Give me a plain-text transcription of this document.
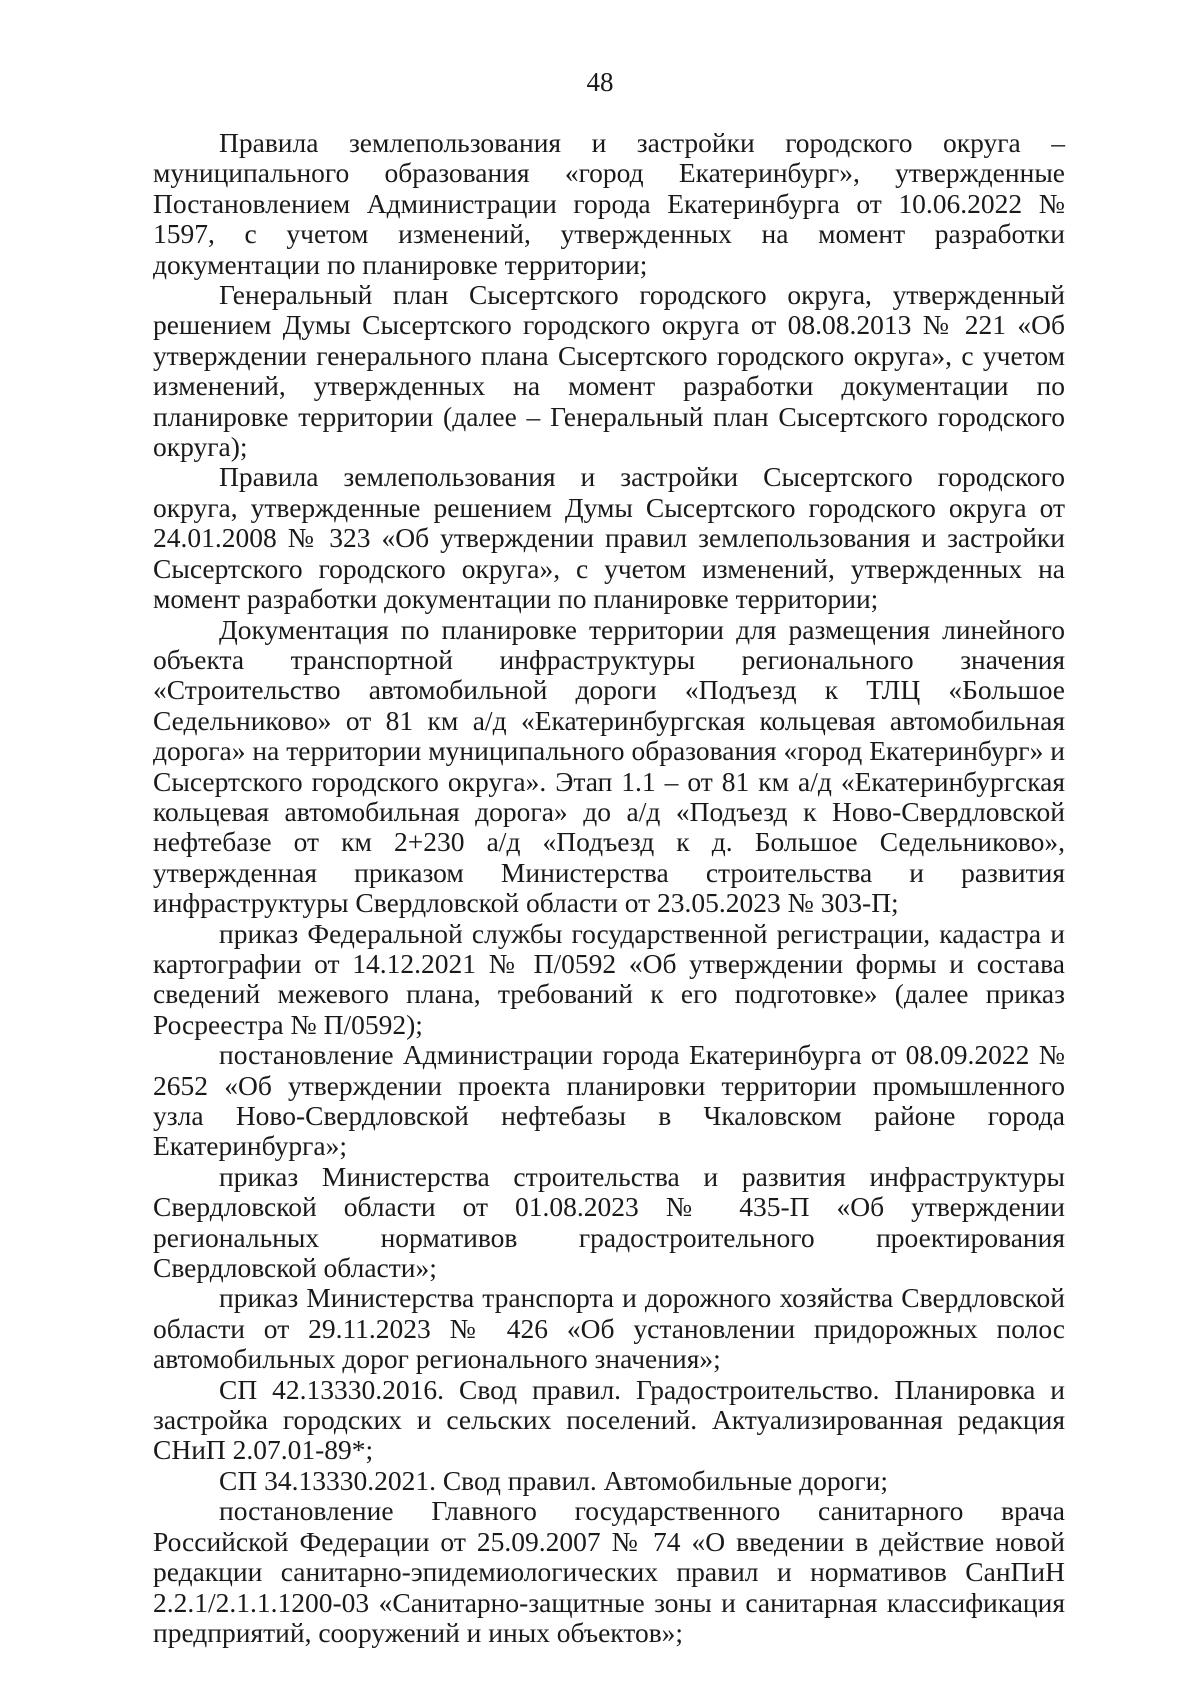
48

Правила землепользования и застройки городского округа – муниципального образования «город Екатеринбург», утвержденные Постановлением Администрации города Екатеринбурга от 10.06.2022 № 1597, с учетом изменений, утвержденных на момент разработки документации по планировке территории;

Генеральный план Сысертского городского округа, утвержденный решением Думы Сысертского городского округа от 08.08.2013 № 221 «Об утверждении генерального плана Сысертского городского округа», с учетом изменений, утвержденных на момент разработки документации по планировке территории (далее – Генеральный план Сысертского городского округа);

Правила землепользования и застройки Сысертского городского округа, утвержденные решением Думы Сысертского городского округа от 24.01.2008 № 323 «Об утверждении правил землепользования и застройки Сысертского городского округа», с учетом изменений, утвержденных на момент разработки документации по планировке территории;

Документация по планировке территории для размещения линейного объекта транспортной инфраструктуры регионального значения «Строительство автомобильной дороги «Подъезд к ТЛЦ «Большое Седельниково» от 81 км а/д «Екатеринбургская кольцевая автомобильная дорога» на территории муниципального образования «город Екатеринбург» и Сысертского городского округа». Этап 1.1 – от 81 км а/д «Екатеринбургская кольцевая автомобильная дорога» до а/д «Подъезд к Ново-Свердловской нефтебазе от км 2+230 а/д «Подъезд к д. Большое Седельниково», утвержденная приказом Министерства строительства и развития инфраструктуры Свердловской области от 23.05.2023 № 303-П;

приказ Федеральной службы государственной регистрации, кадастра и картографии от 14.12.2021 № П/0592 «Об утверждении формы и состава сведений межевого плана, требований к его подготовке» (далее приказ Росреестра № П/0592);

постановление Администрации города Екатеринбурга от 08.09.2022 № 2652 «Об утверждении проекта планировки территории промышленного узла Ново-Свердловской нефтебазы в Чкаловском районе города Екатеринбурга»;

приказ Министерства строительства и развития инфраструктуры Свердловской области от 01.08.2023 № 435-П «Об утверждении региональных нормативов градостроительного проектирования Свердловской области»;

приказ Министерства транспорта и дорожного хозяйства Свердловской области от 29.11.2023 № 426 «Об установлении придорожных полос автомобильных дорог регионального значения»;

СП 42.13330.2016. Свод правил. Градостроительство. Планировка и застройка городских и сельских поселений. Актуализированная редакция СНиП 2.07.01-89*;

СП 34.13330.2021. Свод правил. Автомобильные дороги;

постановление Главного государственного санитарного врача Российской Федерации от 25.09.2007 № 74 «О введении в действие новой редакции санитарно-эпидемиологических правил и нормативов СанПиН 2.2.1/2.1.1.1200-03 «Санитарно-защитные зоны и санитарная классификация предприятий, сооружений и иных объектов»;
